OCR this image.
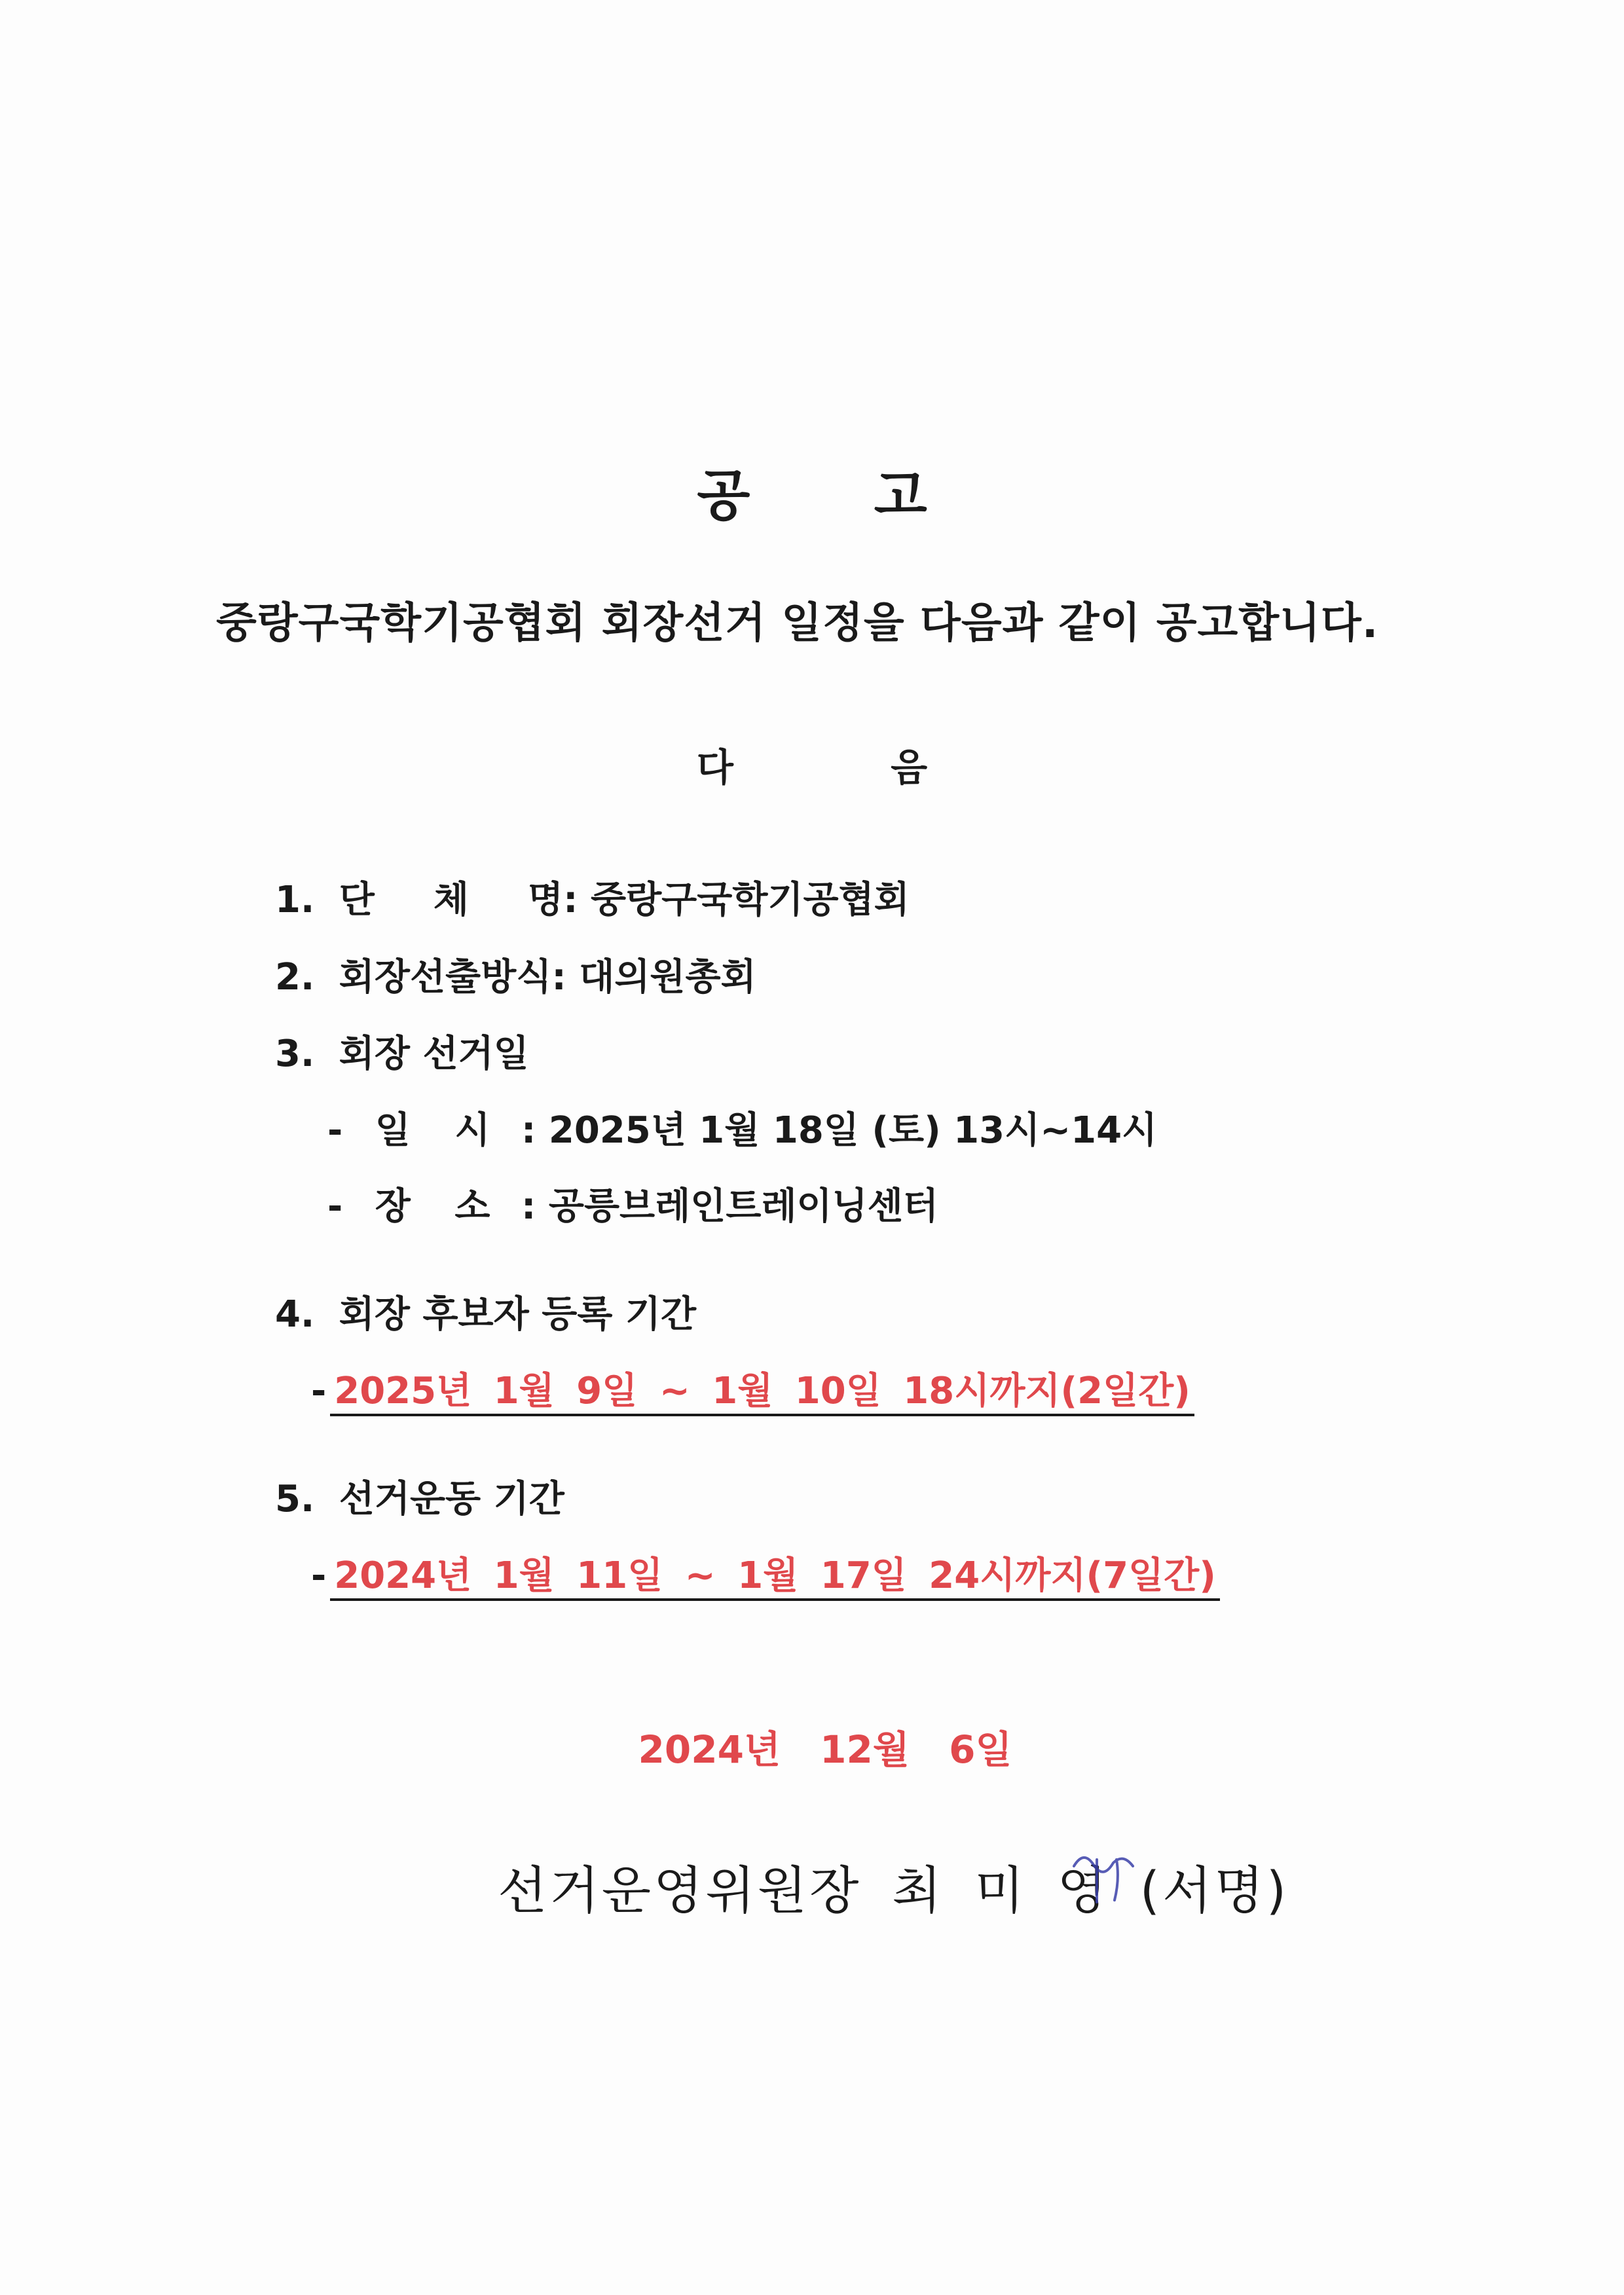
공 고
중랑구국학기공협회 회장선거 일정을 다음과 같이 공고합니다.
다 음
1. 단 체 명: 중랑구국학기공협회
2. 회장선출방식: 대의원총회
3. 회장 선거일
- 일 시 : 2025년 1월 18일 (토) 13시~14시
- 장 소 : 공릉브레인트레이닝센터
4. 회장 후보자 등록 기간
- 2025년 1월 9일 ~ 1월 10일 18시까지(2일간)
5. 선거운동 기간
- 2024년 1월 11일 ~ 1월 17일 24시까지(7일간)
2024년 12월 6일
선거운영위원장 최 미 영 (서명)
